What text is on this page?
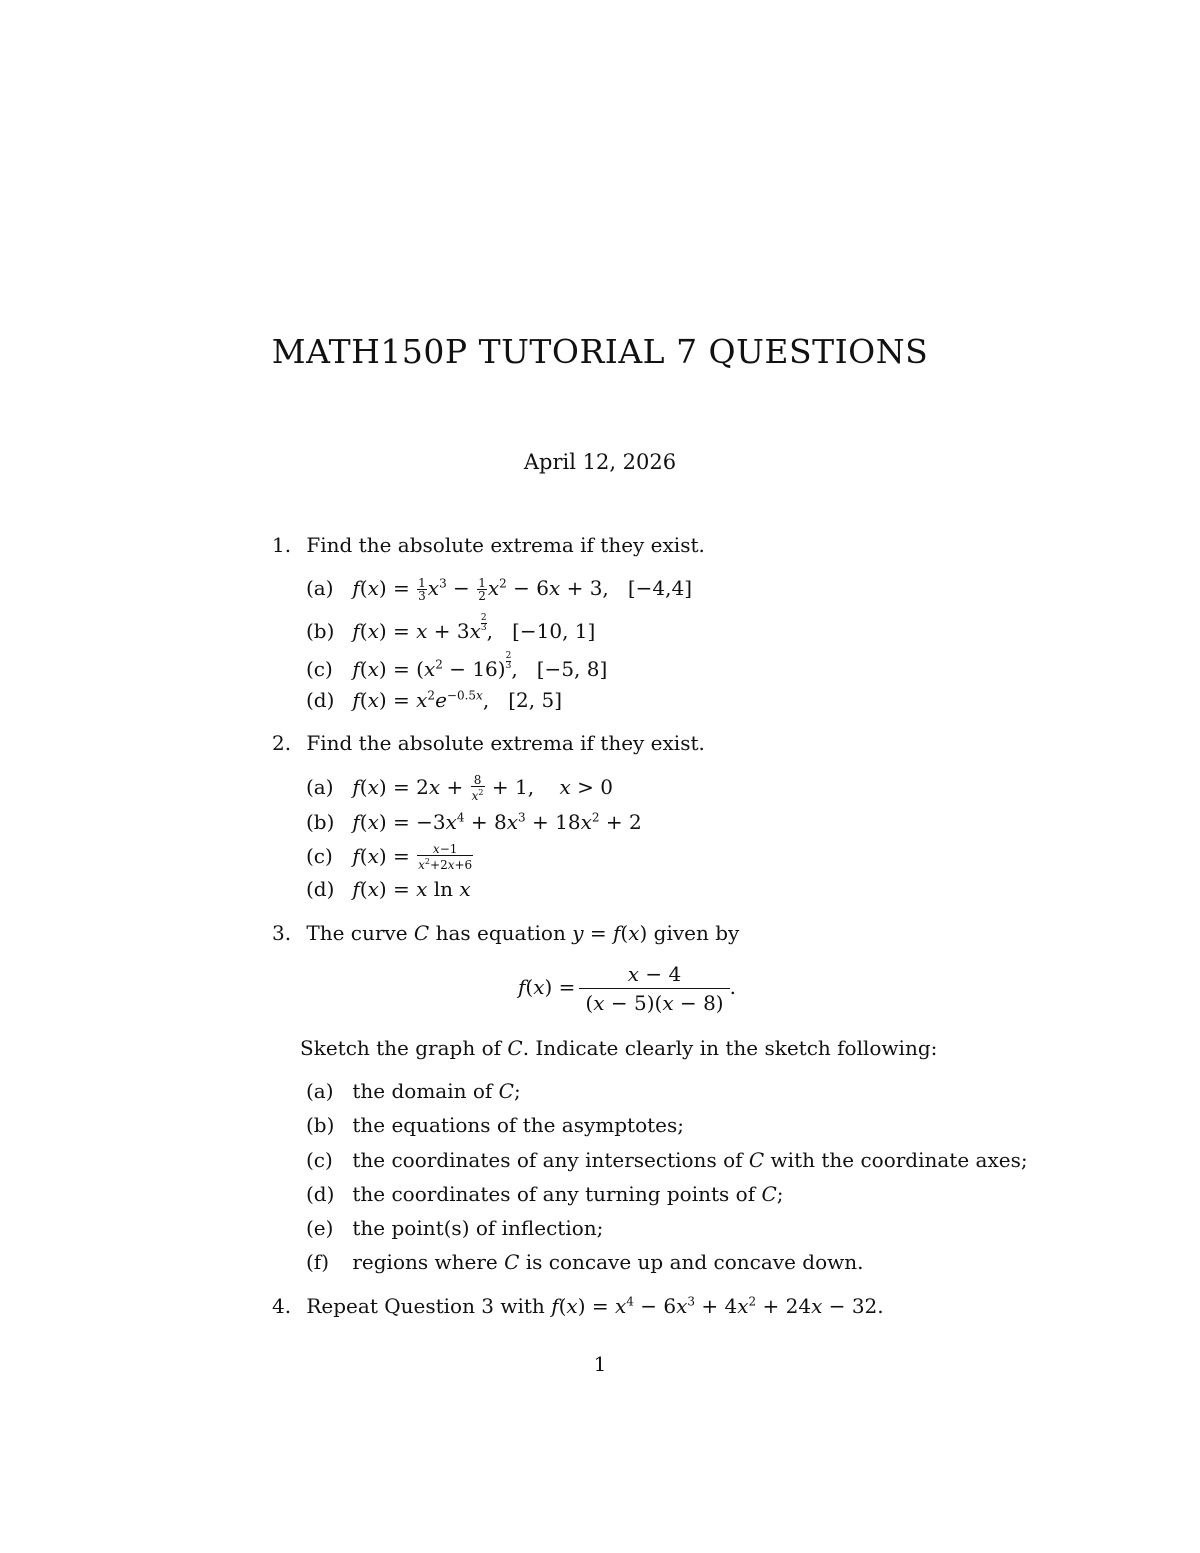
MATH150P TUTORIAL 7 QUESTIONS
April 12, 2026
1. Find the absolute extrema if they exist.
(a) $f(x) = \frac{1}{3} x^3 - \frac{1}{2} x^2 - 6x + 3$,   [−4,4]
(b) $f(x) = x + 3x \frac{2}{3}$ ,   [−10, 1]
(c) $f(x) = (x^2 - 16) \frac{2}{3}$ ,   [−5, 8]
(d) $f(x) = x^2e^{-0.5x}$,   [2, 5]
2. Find the absolute extrema if they exist.
(a) $f(x) = 2x + \frac{8}{x^2} + 1$,    x > 0
(b) $f(x) = -3x^4 + 8x^3 + 18x^2 + 2$
(c) $f(x) = \frac{x-1}{x^2+2x+6}$
(d) f(x) = x ln x
3. The curve C has equation y = f(x) given by
$f(x) = \frac{x - 4}{(x - 5)(x - 8)}$ .
Sketch the graph of C. Indicate clearly in the sketch following:
(a) the domain of C;
(b) the equations of the asymptotes;
(c) the coordinates of any intersections of C with the coordinate axes;
(d) the coordinates of any turning points of C;
(e) the point(s) of inflection;
(f) regions where C is concave up and concave down.
4. Repeat Question 3 with $f(x) = x^4 - 6x^3 + 4x^2 + 24x - 32$.
1
